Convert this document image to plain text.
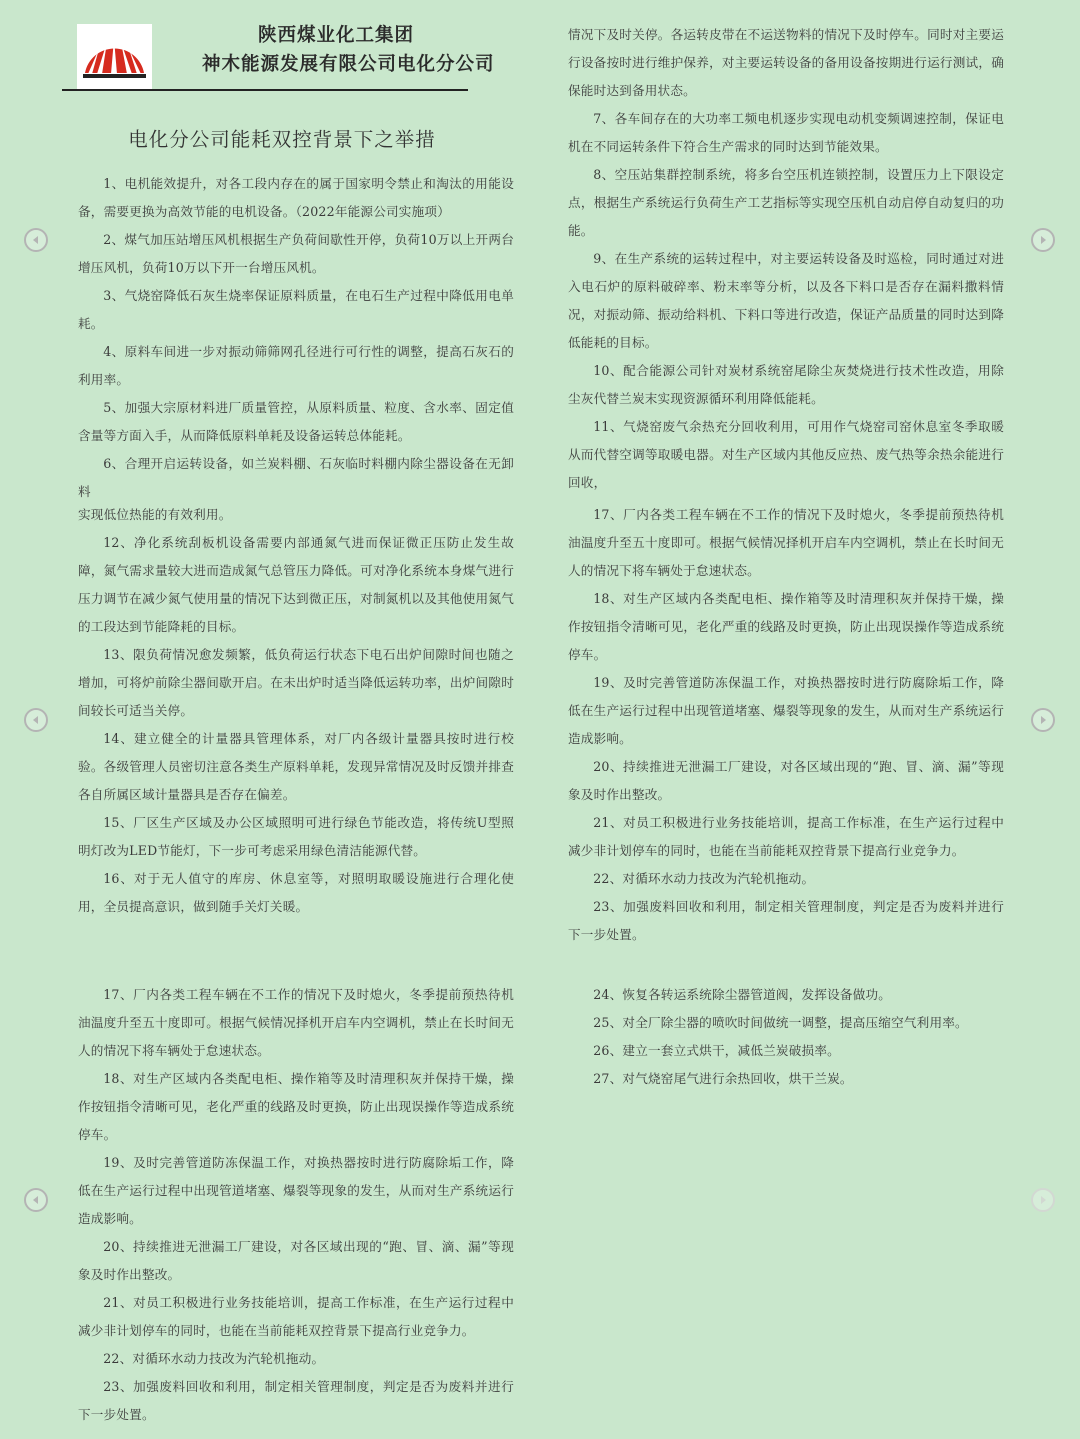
陕西煤业化工集团
神木能源发展有限公司电化分公司
电化分公司能耗双控背景下之举措

1、电机能效提升，对各工段内存在的属于国家明令禁止和淘汰的用能设备，需要更换为高效节能的电机设备。（2022年能源公司实施项）

2、煤气加压站增压风机根据生产负荷间歇性开停，负荷10万以上开两台增压风机，负荷10万以下开一台增压风机。

3、气烧窑降低石灰生烧率保证原料质量，在电石生产过程中降低用电单耗。

4、原料车间进一步对振动筛筛网孔径进行可行性的调整，提高石灰石的利用率。

5、加强大宗原材料进厂质量管控，从原料质量、粒度、含水率、固定值含量等方面入手，从而降低原料单耗及设备运转总体能耗。

6、合理开启运转设备，如兰炭料棚、石灰临时料棚内除尘器设备在无卸料

情况下及时关停。各运转皮带在不运送物料的情况下及时停车。同时对主要运行设备按时进行维护保养，对主要运转设备的备用设备按期进行运行测试，确保能时达到备用状态。

7、各车间存在的大功率工频电机逐步实现电动机变频调速控制，保证电机在不同运转条件下符合生产需求的同时达到节能效果。

8、空压站集群控制系统，将多台空压机连锁控制，设置压力上下限设定点，根据生产系统运行负荷生产工艺指标等实现空压机自动启停自动复归的功能。

9、在生产系统的运转过程中，对主要运转设备及时巡检，同时通过对进入电石炉的原料破碎率、粉末率等分析，以及各下料口是否存在漏料撒料情况，对振动筛、振动给料机、下料口等进行改造，保证产品质量的同时达到降低能耗的目标。

10、配合能源公司针对炭材系统窑尾除尘灰焚烧进行技术性改造，用除尘灰代替兰炭末实现资源循环利用降低能耗。

11、气烧窑废气余热充分回收利用，可用作气烧窑司窑休息室冬季取暖从而代替空调等取暖电器。对生产区域内其他反应热、废气热等余热余能进行回收，

实现低位热能的有效利用。

12、净化系统刮板机设备需要内部通氮气进而保证微正压防止发生故障，氮气需求量较大进而造成氮气总管压力降低。可对净化系统本身煤气进行压力调节在减少氮气使用量的情况下达到微正压，对制氮机以及其他使用氮气的工段达到节能降耗的目标。

13、限负荷情况愈发频繁，低负荷运行状态下电石出炉间隙时间也随之增加，可将炉前除尘器间歇开启。在未出炉时适当降低运转功率，出炉间隙时间较长可适当关停。

14、建立健全的计量器具管理体系，对厂内各级计量器具按时进行校验。各级管理人员密切注意各类生产原料单耗，发现异常情况及时反馈并排查各自所属区域计量器具是否存在偏差。

15、厂区生产区域及办公区域照明可进行绿色节能改造，将传统U型照明灯改为LED节能灯，下一步可考虑采用绿色清洁能源代替。

16、对于无人值守的库房、休息室等，对照明取暖设施进行合理化使用，全员提高意识，做到随手关灯关暖。

17、厂内各类工程车辆在不工作的情况下及时熄火，冬季提前预热待机油温度升至五十度即可。根据气候情况择机开启车内空调机，禁止在长时间无人的情况下将车辆处于怠速状态。

18、对生产区域内各类配电柜、操作箱等及时清理积灰并保持干燥，操作按钮指令清晰可见，老化严重的线路及时更换，防止出现误操作等造成系统停车。

19、及时完善管道防冻保温工作，对换热器按时进行防腐除垢工作，降低在生产运行过程中出现管道堵塞、爆裂等现象的发生，从而对生产系统运行造成影响。

20、持续推进无泄漏工厂建设，对各区域出现的“跑、冒、滴、漏”等现象及时作出整改。

21、对员工积极进行业务技能培训，提高工作标准，在生产运行过程中减少非计划停车的同时，也能在当前能耗双控背景下提高行业竞争力。

22、对循环水动力技改为汽轮机拖动。

23、加强废料回收和利用，制定相关管理制度，判定是否为废料并进行下一步处置。

17、厂内各类工程车辆在不工作的情况下及时熄火，冬季提前预热待机油温度升至五十度即可。根据气候情况择机开启车内空调机，禁止在长时间无人的情况下将车辆处于怠速状态。

18、对生产区域内各类配电柜、操作箱等及时清理积灰并保持干燥，操作按钮指令清晰可见，老化严重的线路及时更换，防止出现误操作等造成系统停车。

19、及时完善管道防冻保温工作，对换热器按时进行防腐除垢工作，降低在生产运行过程中出现管道堵塞、爆裂等现象的发生，从而对生产系统运行造成影响。

20、持续推进无泄漏工厂建设，对各区域出现的“跑、冒、滴、漏”等现象及时作出整改。

21、对员工积极进行业务技能培训，提高工作标准，在生产运行过程中减少非计划停车的同时，也能在当前能耗双控背景下提高行业竞争力。

22、对循环水动力技改为汽轮机拖动。

23、加强废料回收和利用，制定相关管理制度，判定是否为废料并进行下一步处置。

24、恢复各转运系统除尘器管道阀，发挥设备做功。

25、对全厂除尘器的喷吹时间做统一调整，提高压缩空气利用率。

26、建立一套立式烘干，减低兰炭破损率。

27、对气烧窑尾气进行余热回收，烘干兰炭。
